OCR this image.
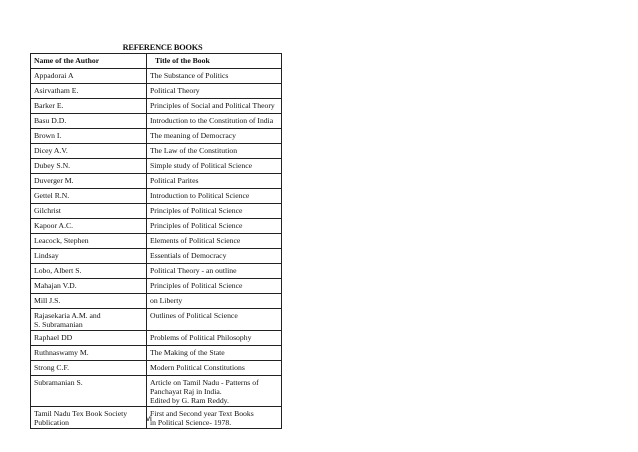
REFERENCE BOOKS
Name of the Author	Title of the Book
Appadorai A	The Substance of Politics
Asirvatham E.	Political Theory
Barker E.	Principles of Social and Political Theory
Basu D.D.	Introduction to the Constitution of India
Brown I.	The meaning of Democracy
Dicey A.V.	The Law of the Constitution
Dubey S.N.	Simple study of Political Science
Duverger M.	Political Parites
Gettel R.N.	Introduction to Political Science
Gilchrist	Principles of Political Science
Kapoor A.C.	Principles of Political Science
Leacock, Stephen	Elements of Political Science
Lindsay	Essentials of Democracy
Lobo, Albert S.	Political Theory - an outline
Mahajan V.D.	Principles of Political Science
Mill J.S.	on Liberty
Rajasekaria A.M. and
S. Subramanian	Outlines of Political Science
Raphael DD	Problems of Political Philosophy
Ruthnaswamy M.	The Making of the State
Strong C.F.	Modern Political Constitutions
Subramanian S.	Article on Tamil Nadu - Patterns of
Panchayat Raj in India.
Edited by G. Ram Reddy.
Tamil Nadu Tex Book Society
Publication	First and Second year Text Books
in Political Science- 1978.
vi
